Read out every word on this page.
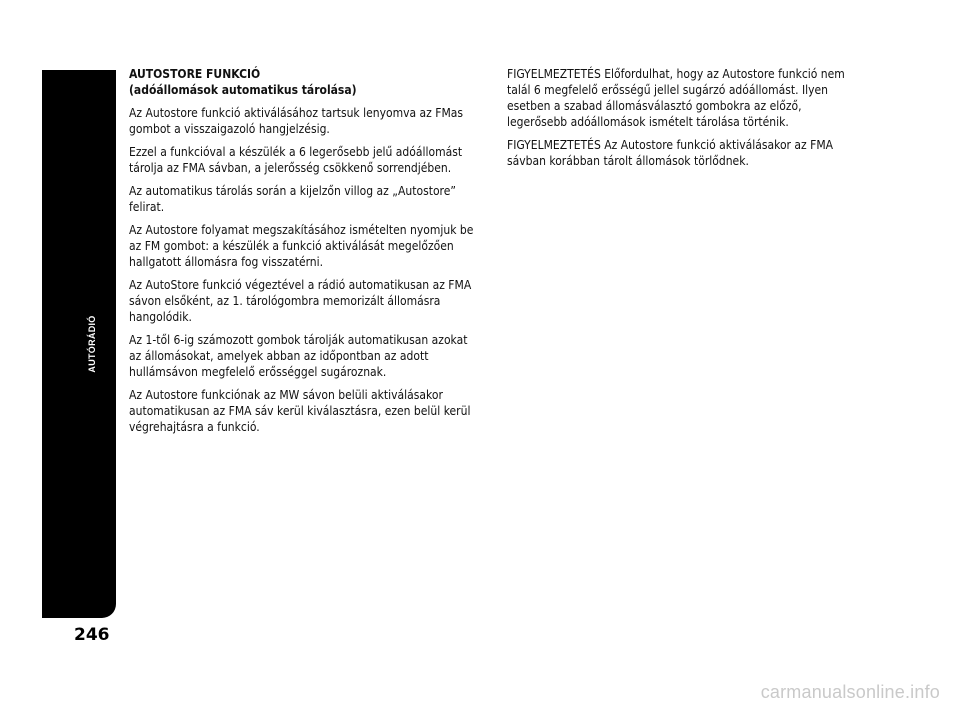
AUTÓRÁDIÓ
246
AUTOSTORE FUNKCIÓ
(adóállomások automatikus tárolása)

Az Autostore funkció aktiválásához tartsuk lenyomva az FMas gombot a visszaigazoló hangjelzésig.

Ezzel a funkcióval a készülék a 6 legerősebb jelű adóállomást tárolja az FMA sávban, a jelerősség csökkenő sorrendjében.

Az automatikus tárolás során a kijelzőn villog az „Autostore” felirat.

Az Autostore folyamat megszakításához ismételten nyomjuk be az FM gombot: a készülék a funkció aktiválását megelőzően hallgatott állomásra fog visszatérni.

Az AutoStore funkció végeztével a rádió automatikusan az FMA sávon elsőként, az 1. tárológombra memorizált állomásra hangolódik.

Az 1-től 6-ig számozott gombok tárolják automatikusan azokat az állomásokat, amelyek abban az időpontban az adott hullámsávon megfelelő erősséggel sugároznak.

Az Autostore funkciónak az MW sávon belüli aktiválásakor automatikusan az FMA sáv kerül kiválasztásra, ezen belül kerül végrehajtásra a funkció.

FIGYELMEZTETÉS Előfordulhat, hogy az Autostore funkció nem talál 6 megfelelő erősségű jellel sugárzó adóállomást. Ilyen esetben a szabad állomásválasztó gombokra az előző, legerősebb adóállomások ismételt tárolása történik.

FIGYELMEZTETÉS Az Autostore funkció aktiválásakor az FMA sávban korábban tárolt állomások törlődnek.

carmanualsonline.info
